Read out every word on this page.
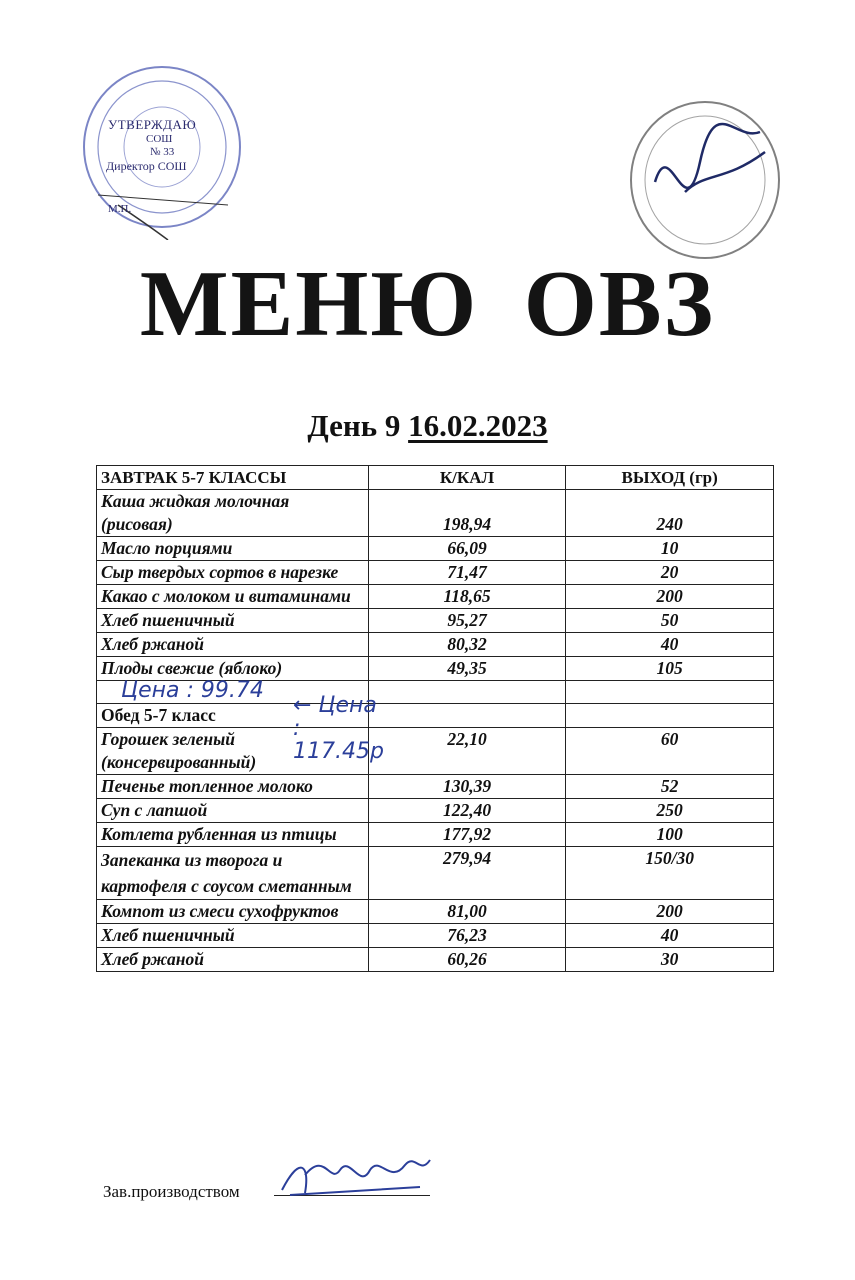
УТВЕРЖДАЮ
СОШ
№ 33
Директор СОШ
М.П.
МЕНЮ ОВЗ
День 9 16.02.2023
ЗАВТРАК 5-7 КЛАССЫ	К/КАЛ	ВЫХОД (гр)
Каша жидкая молочная (рисовая)	198,94	240
Масло порциями	66,09	10
Сыр твердых сортов в нарезке	71,47	20
Какао с молоком и витаминами	118,65	200
Хлеб пшеничный	95,27	50
Хлеб ржаной	80,32	40
Плоды свежие (яблоко)	49,35	105

Цена : 99.74		

Обед 5-7 класс ← Цена : 117.45р		

Горошек зеленый (консервированный)	22,10	60
Печенье топленное молоко	130,39	52
Суп с лапшой	122,40	250
Котлета рубленная из птицы	177,92	100
Запеканка из творога и картофеля с соусом сметанным	279,94	150/30
Компот из смеси сухофруктов	81,00	200
Хлеб пшеничный	76,23	40
Хлеб ржаной	60,26	30
Зав.производством
